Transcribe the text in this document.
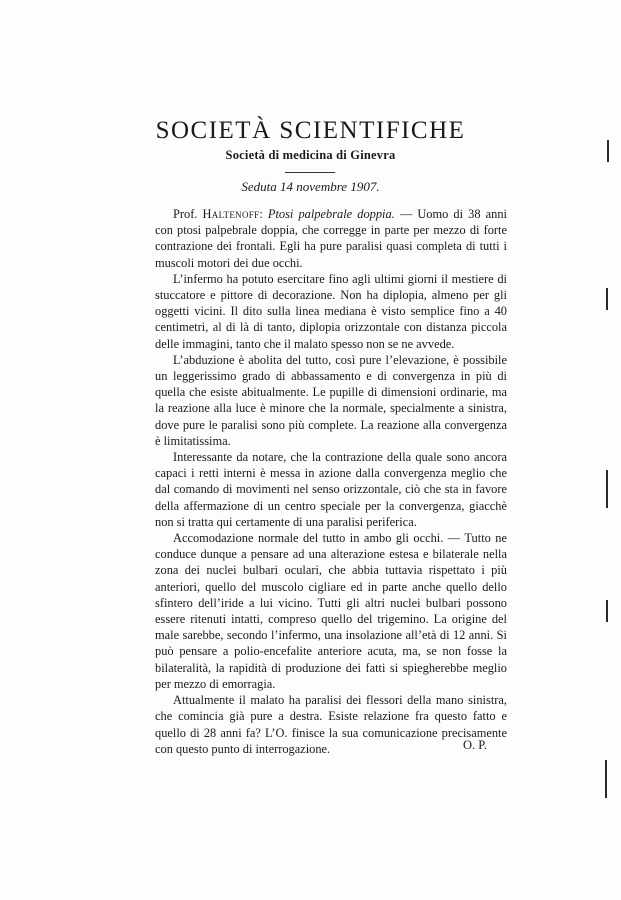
SOCIETÀ SCIENTIFICHE
Società di medicina di Ginevra
Seduta 14 novembre 1907.

Prof. Haltenoff: Ptosi palpebrale doppia. — Uomo di 38 anni con ptosi palpebrale doppia, che corregge in parte per mezzo di forte contrazione dei frontali. Egli ha pure paralisi quasi completa di tutti i muscoli motori dei due occhi.

L’infermo ha potuto esercitare fino agli ultimi giorni il mestiere di stuccatore e pittore di decorazione. Non ha diplopia, almeno per gli oggetti vicini. Il dito sulla linea mediana è visto semplice fino a 40 centimetri, al di là di tanto, diplopia orizzontale con distanza piccola delle immagini, tanto che il malato spesso non se ne avvede.

L’abduzione è abolita del tutto, così pure l’elevazione, è possibile un leggerissimo grado di abbassamento e di convergenza in più di quella che esiste abitualmente. Le pupille di dimensioni ordinarie, ma la reazione alla luce è minore che la normale, specialmente a sinistra, dove pure le paralisi sono più complete. La reazione alla convergenza è limitatissima.

Interessante da notare, che la contrazione della quale sono ancora capaci i retti interni è messa in azione dalla convergenza meglio che dal comando di movimenti nel senso orizzontale, ciò che sta in favore della affermazione di un centro speciale per la convergenza, giacchè non si tratta qui certamente di una paralisi periferica.

Accomodazione normale del tutto in ambo gli occhi. — Tutto ne conduce dunque a pensare ad una alterazione estesa e bilaterale nella zona dei nuclei bulbari oculari, che abbia tuttavia rispettato i più anteriori, quello del muscolo cigliare ed in parte anche quello dello sfintero dell’iride a lui vicino. Tutti gli altri nuclei bulbari possono essere ritenuti intatti, compreso quello del trigemino. La origine del male sarebbe, secondo l’infermo, una insolazione all’età di 12 anni. Si può pensare a polio-encefalite anteriore acuta, ma, se non fosse la bilateralità, la rapidità di produzione dei fatti si spiegherebbe meglio per mezzo di emorragia.

Attualmente il malato ha paralisi dei flessori della mano sinistra, che comincia già pure a destra. Esiste relazione fra questo fatto e quello di 28 anni fa? L’O. finisce la sua comunicazione precisamente con questo punto di interrogazione.	O. P.
